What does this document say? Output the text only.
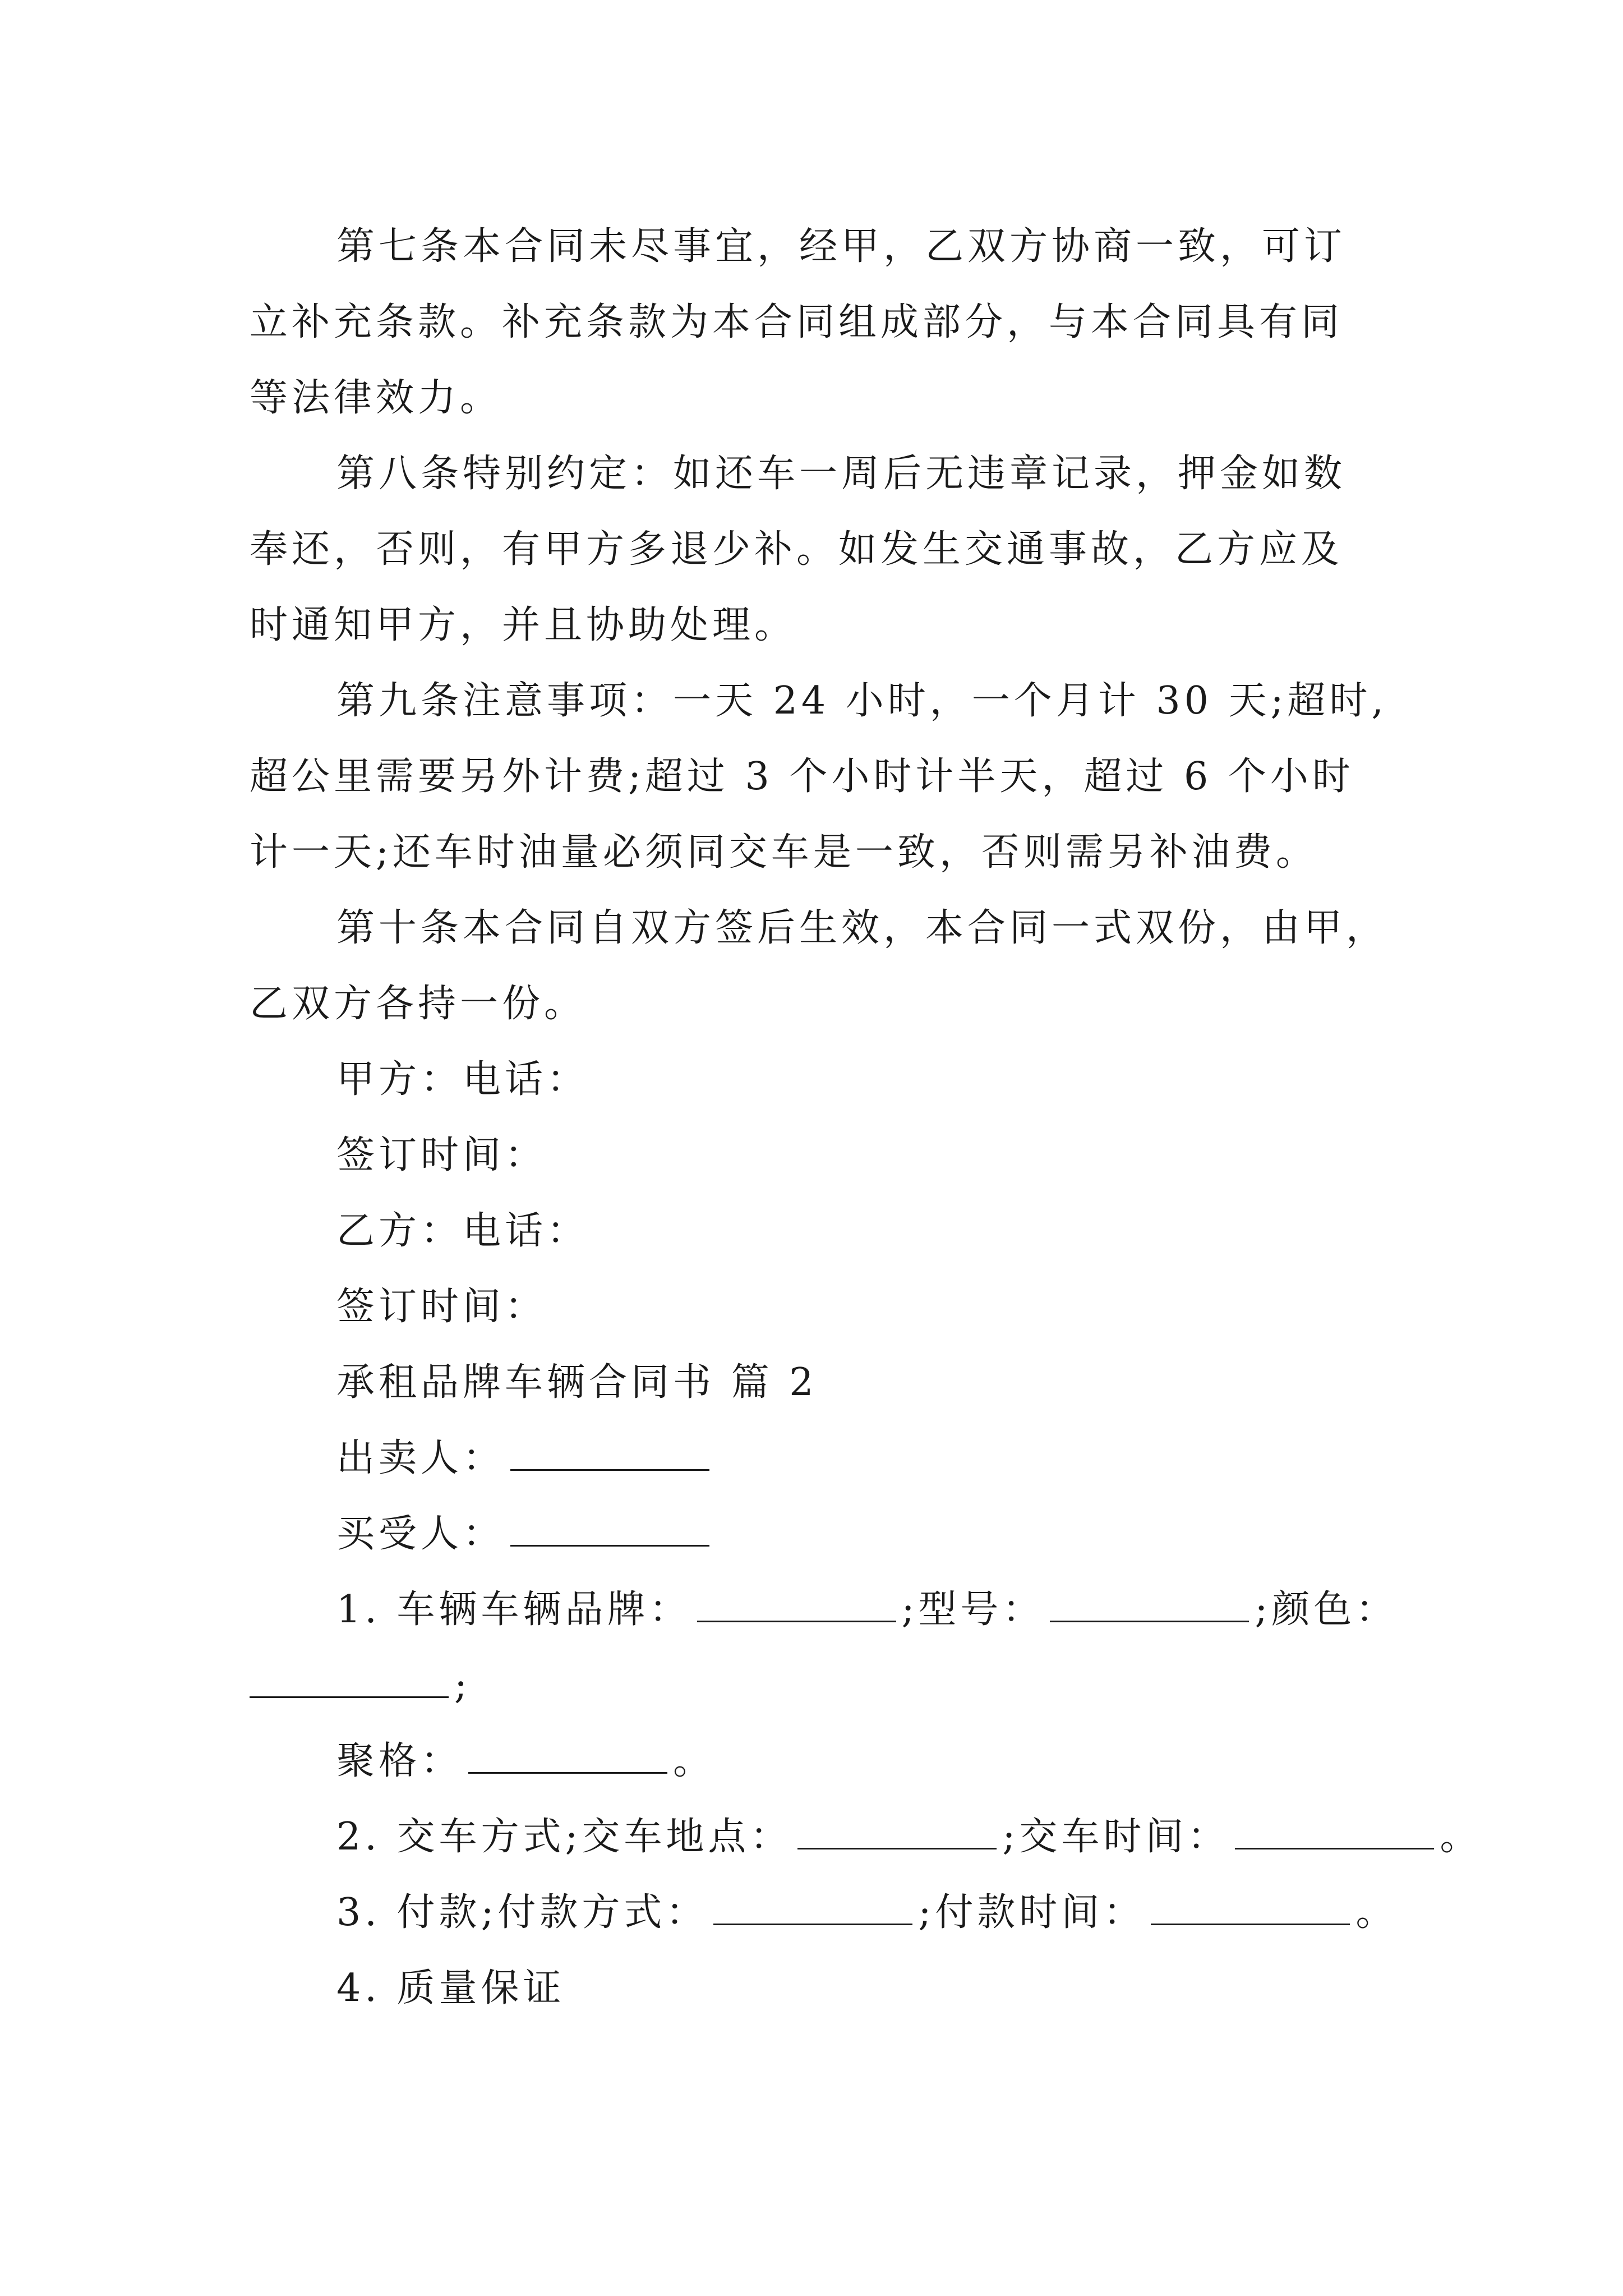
第七条本合同未尽事宜，经甲，乙双方协商一致，可订
立补充条款。补充条款为本合同组成部分，与本合同具有同
等法律效力。
第八条特别约定：如还车一周后无违章记录，押金如数
奉还，否则，有甲方多退少补。如发生交通事故，乙方应及
时通知甲方，并且协助处理。
第九条注意事项：一天 24 小时，一个月计 30 天;超时,
超公里需要另外计费;超过 3 个小时计半天，超过 6 个小时
计一天;还车时油量必须同交车是一致，否则需另补油费。
第十条本合同自双方签后生效，本合同一式双份，由甲，
乙双方各持一份。
甲方：电话：
签订时间：
乙方：电话：
签订时间：
承租品牌车辆合同书 篇 2
出卖人：
买受人：
1. 车辆车辆品牌：	;型号：	;颜色：
;
聚格：	。
2. 交车方式;交车地点：	;交车时间：	。
3. 付款;付款方式：	;付款时间：	。
4. 质量保证
